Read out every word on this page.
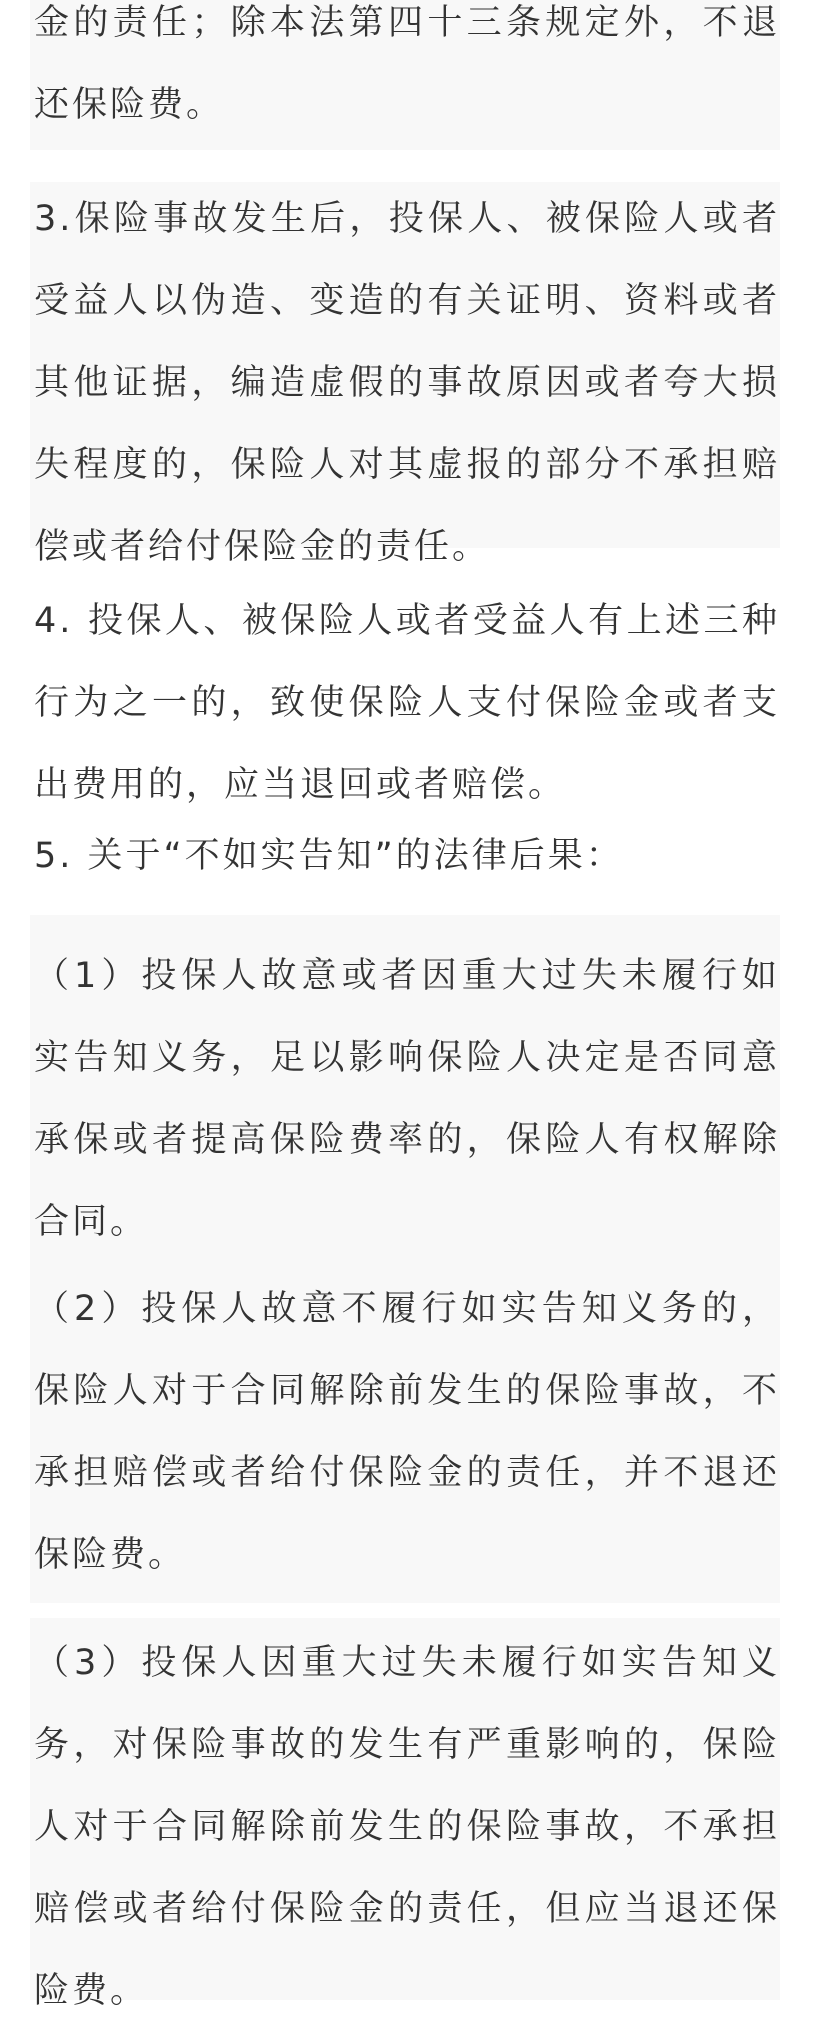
金的责任；除本法第四十三条规定外，不退还保险费。

3.保险事故发生后，投保人、被保险人或者受益人以伪造、变造的有关证明、资料或者其他证据，编造虚假的事故原因或者夸大损失程度的，保险人对其虚报的部分不承担赔偿或者给付保险金的责任。

4. 投保人、被保险人或者受益人有上述三种行为之一的，致使保险人支付保险金或者支出费用的，应当退回或者赔偿。

5. 关于“不如实告知”的法律后果：

（1）投保人故意或者因重大过失未履行如实告知义务，足以影响保险人决定是否同意承保或者提高保险费率的，保险人有权解除合同。

（2）投保人故意不履行如实告知义务的，保险人对于合同解除前发生的保险事故，不承担赔偿或者给付保险金的责任，并不退还保险费。

（3）投保人因重大过失未履行如实告知义务，对保险事故的发生有严重影响的，保险人对于合同解除前发生的保险事故，不承担赔偿或者给付保险金的责任，但应当退还保险费。
